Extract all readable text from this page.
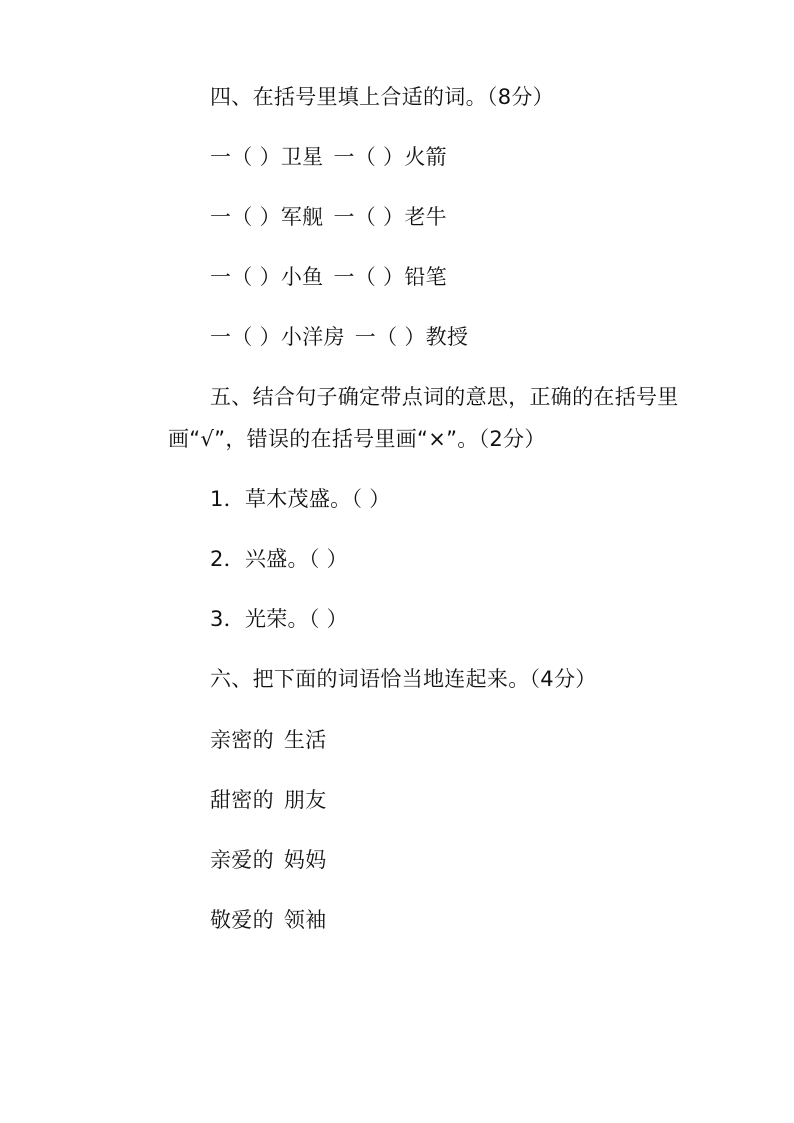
四、在括号里填上合适的词。（8分）
一（ ）卫星 一（ ）火箭
一（ ）军舰 一（ ）老牛
一（ ）小鱼 一（ ）铅笔
一（ ）小洋房 一（ ）教授
五、结合句子确定带点词的意思，正确的在括号里
画“√”，错误的在括号里画“×”。（2分）
1．草木茂盛。（ ）
2．兴盛。（ ）
3．光荣。（ ）
六、把下面的词语恰当地连起来。（4分）
亲密的 生活
甜密的 朋友
亲爱的 妈妈
敬爱的 领袖
